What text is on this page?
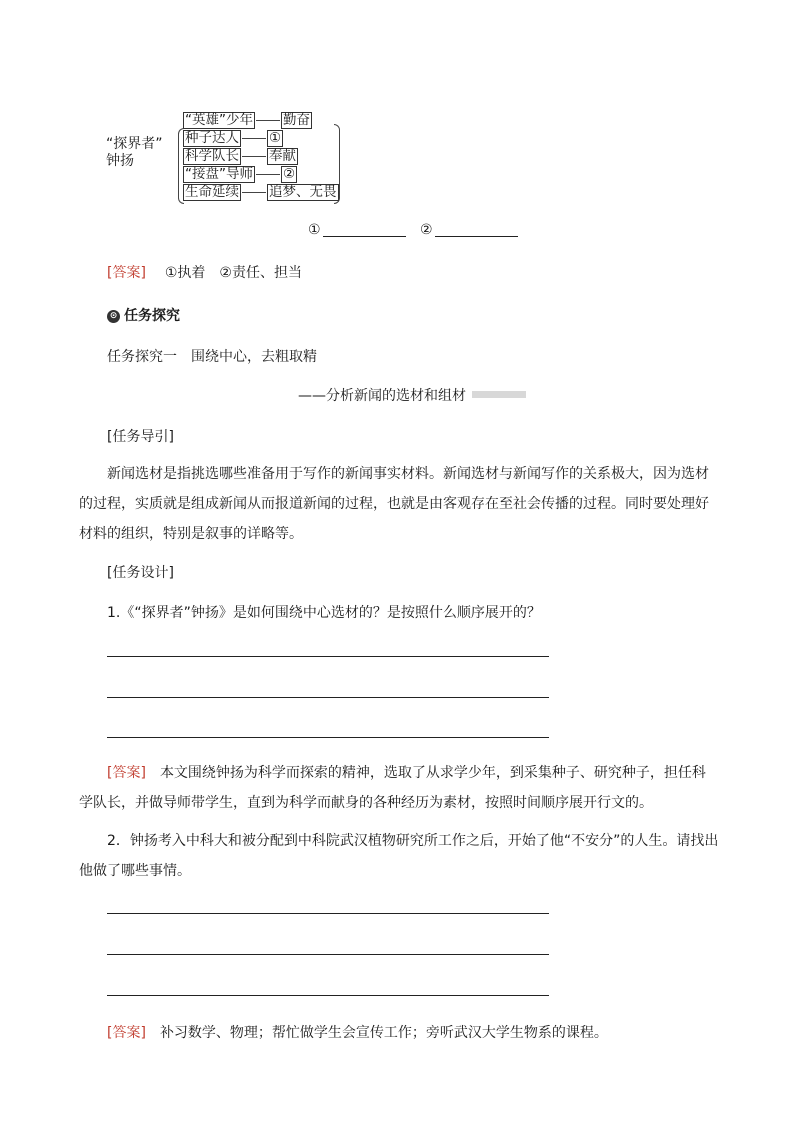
“探界者”
钟扬
“英雄”少年 勤奋
种子达人 ①
科学队长 奉献
“接盘”导师 ②
生命延续 追梦、无畏
①	②
[答案] ①执着　②责任、担当
⊙ 任务探究
任务探究一　围绕中心，去粗取精
——分析新闻的选材和组材
[任务导引]
新闻选材是指挑选哪些准备用于写作的新闻事实材料。新闻选材与新闻写作的关系极大，因为选材的过程，实质就是组成新闻从而报道新闻的过程，也就是由客观存在至社会传播的过程。同时要处理好材料的组织，特别是叙事的详略等。
[任务设计]
1.《“探界者”钟扬》是如何围绕中心选材的？是按照什么顺序展开的？
[答案] 本文围绕钟扬为科学而探索的精神，选取了从求学少年，到采集种子、研究种子，担任科学队长，并做导师带学生，直到为科学而献身的各种经历为素材，按照时间顺序展开行文的。
2．钟扬考入中科大和被分配到中科院武汉植物研究所工作之后，开始了他“不安分”的人生。请找出他做了哪些事情。
[答案] 补习数学、物理；帮忙做学生会宣传工作；旁听武汉大学生物系的课程。
